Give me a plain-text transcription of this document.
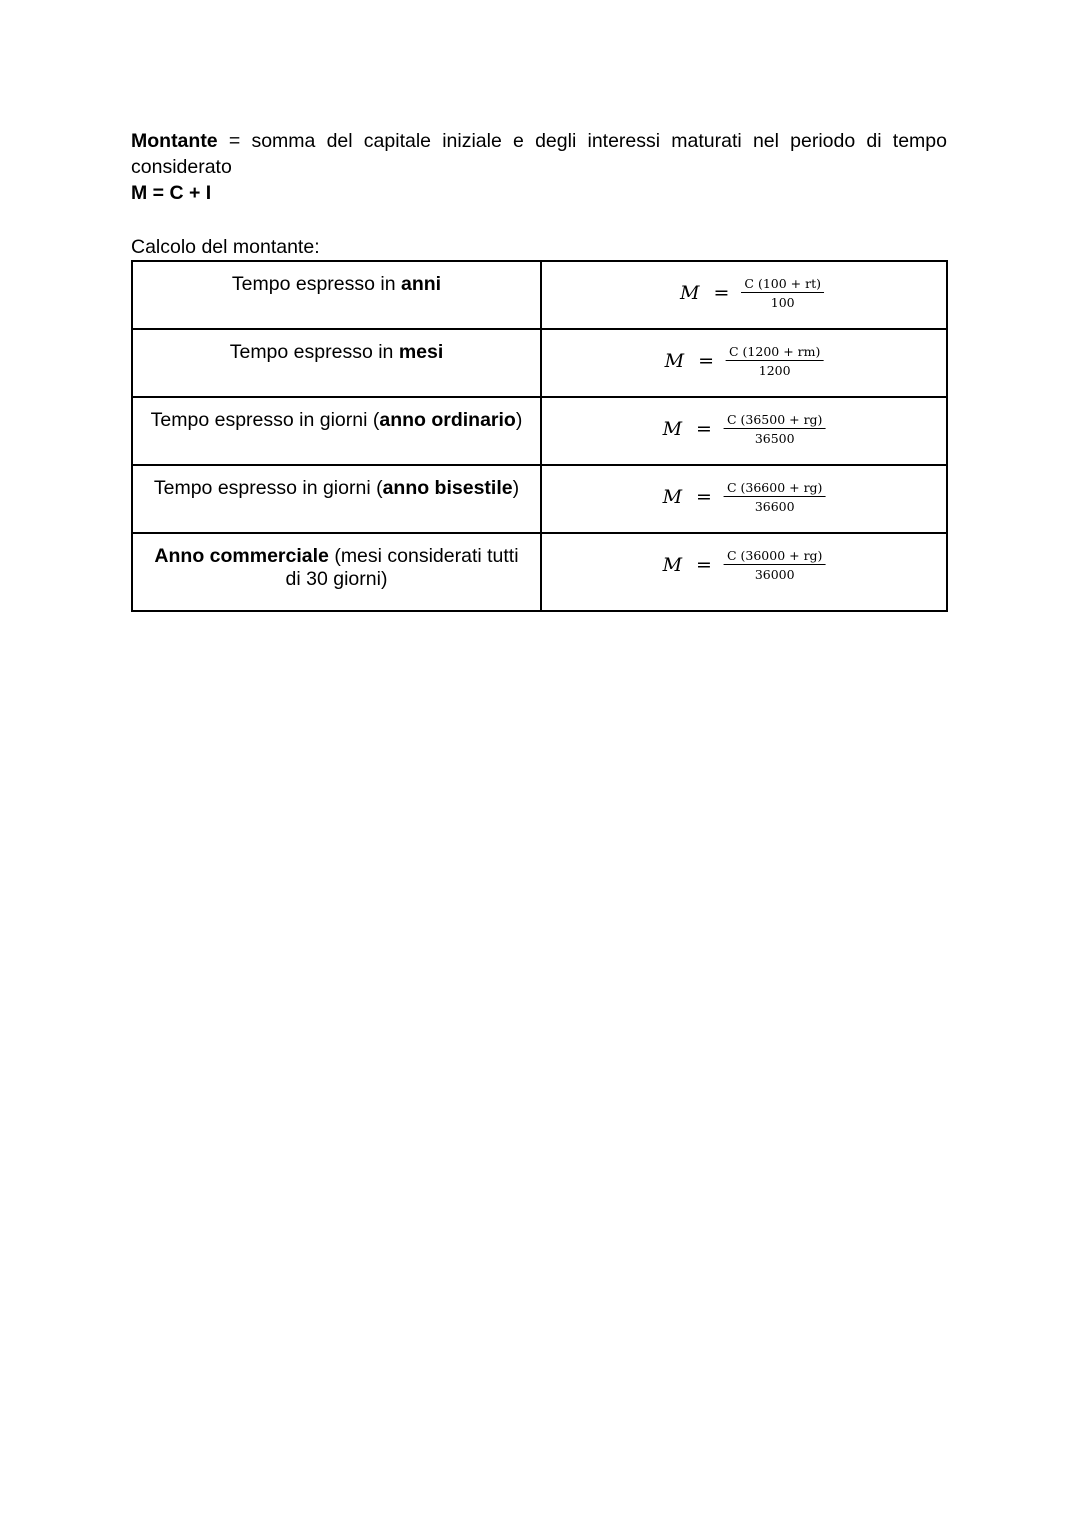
Montante = somma del capitale iniziale e degli interessi maturati nel periodo di tempo

considerato

M = C + I

Calcolo del montante:

Tempo espresso in anni	$M = \frac{C (100 + rt)}{100}$

Tempo espresso in mesi	$M = \frac{C (1200 + rm)}{1200}$

Tempo espresso in giorni (anno ordinario)	$M = \frac{C (36500 + rg)}{36500}$

Tempo espresso in giorni (anno bisestile)	$M = \frac{C (36600 + rg)}{36600}$

Anno commerciale (mesi considerati tutti di 30 giorni)	$M = \frac{C (36000 + rg)}{36000}$
